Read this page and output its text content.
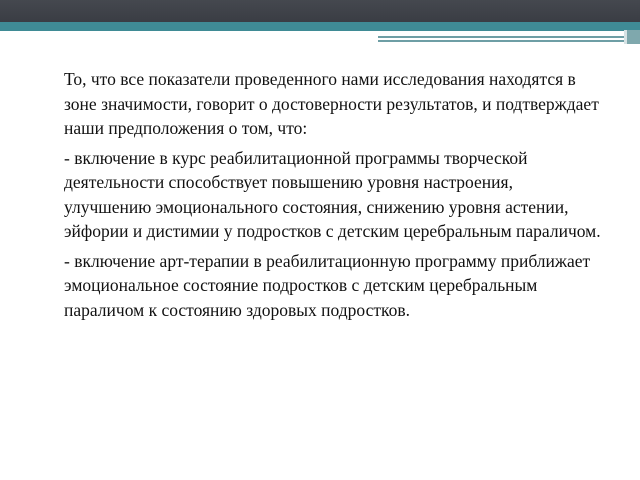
То, что все показатели проведенного нами исследования находятся в зоне значимости, говорит о достоверности результатов, и подтверждает наши предположения о том, что:

- включение в курс реабилитационной программы творческой деятельности способствует повышению уровня настроения, улучшению эмоционального состояния, снижению уровня астении, эйфории и дистимии у подростков с детским церебральным параличом.

- включение арт-терапии в реабилитационную программу приближает эмоциональное состояние подростков с детским церебральным параличом к состоянию здоровых подростков.
